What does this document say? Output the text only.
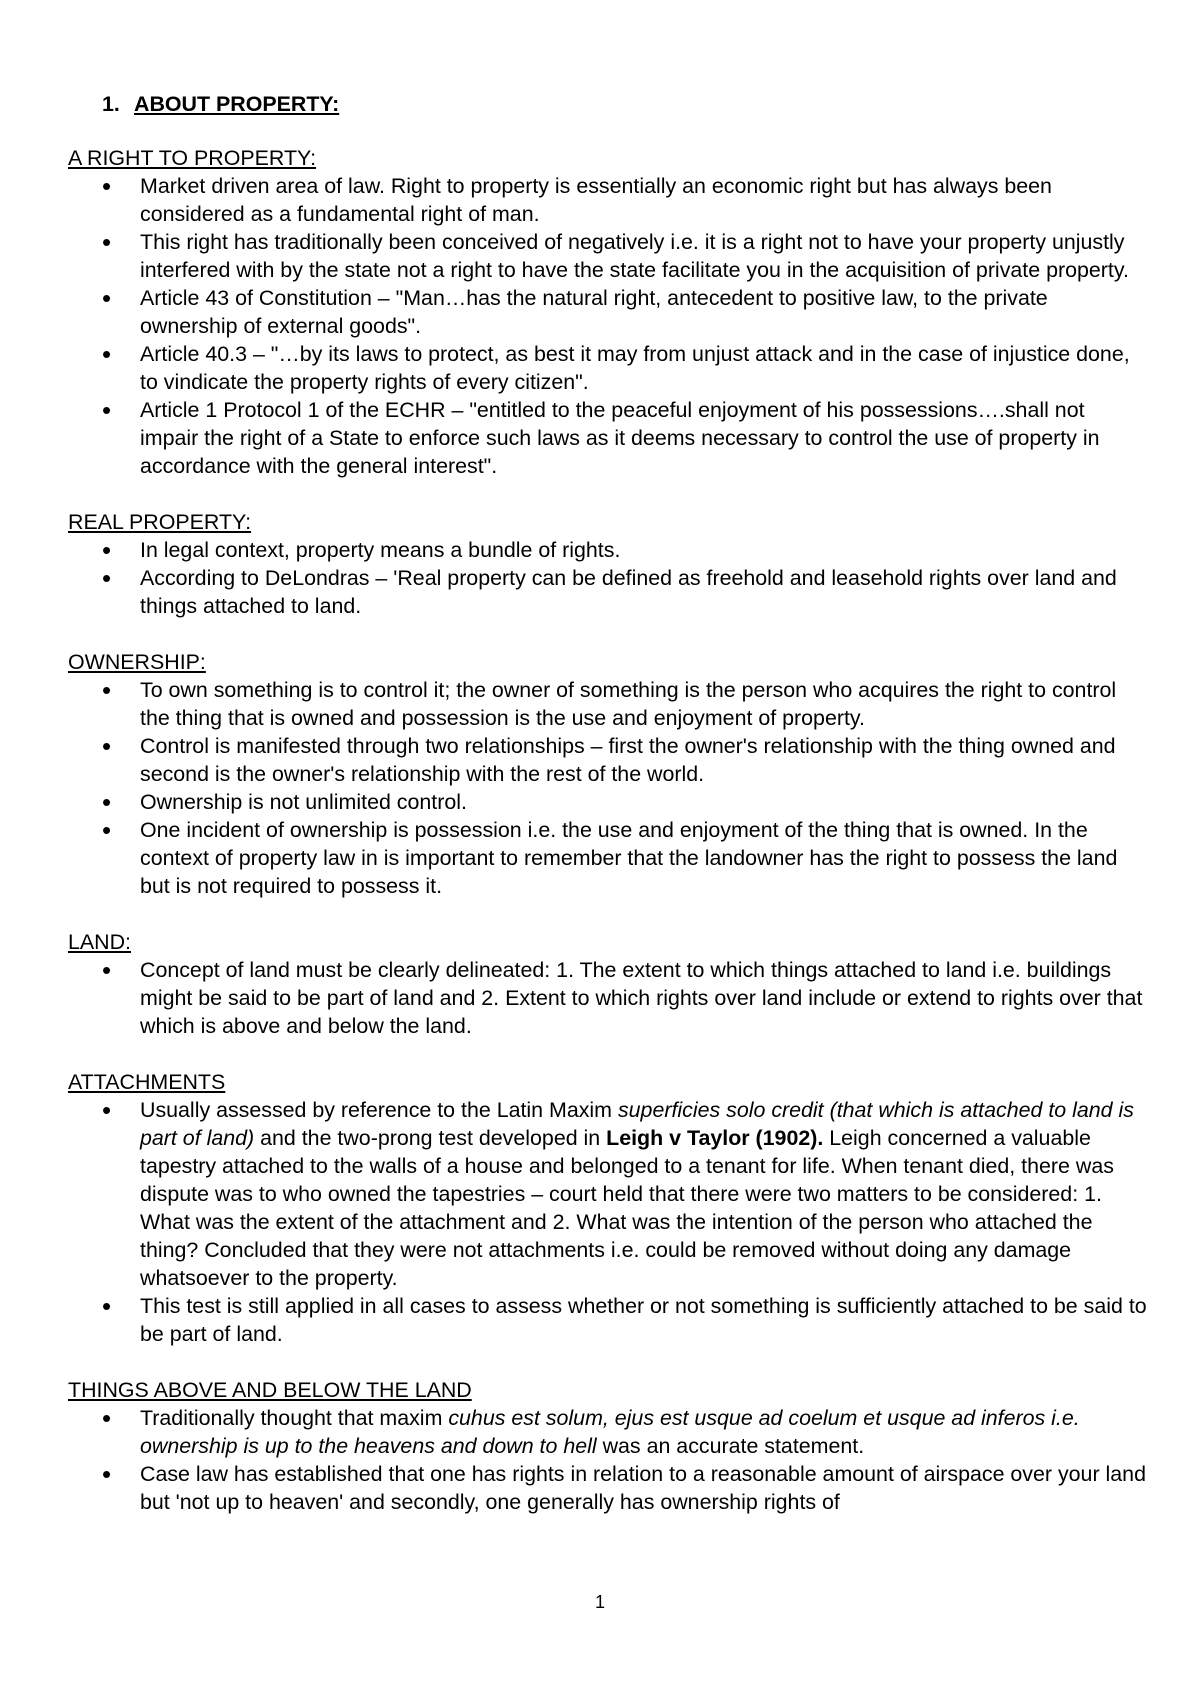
1. ABOUT PROPERTY:
A RIGHT TO PROPERTY:
• Market driven area of law. Right to property is essentially an economic right but has always been considered as a fundamental right of man.
• This right has traditionally been conceived of negatively i.e. it is a right not to have your property unjustly interfered with by the state not a right to have the state facilitate you in the acquisition of private property.
• Article 43 of Constitution – "Man…has the natural right, antecedent to positive law, to the private ownership of external goods".
• Article 40.3 – "…by its laws to protect, as best it may from unjust attack and in the case of injustice done, to vindicate the property rights of every citizen".
• Article 1 Protocol 1 of the ECHR – "entitled to the peaceful enjoyment of his possessions….shall not impair the right of a State to enforce such laws as it deems necessary to control the use of property in accordance with the general interest".
REAL PROPERTY:
• In legal context, property means a bundle of rights.
• According to DeLondras – 'Real property can be defined as freehold and leasehold rights over land and things attached to land.
OWNERSHIP:
• To own something is to control it; the owner of something is the person who acquires the right to control the thing that is owned and possession is the use and enjoyment of property.
• Control is manifested through two relationships – first the owner's relationship with the thing owned and second is the owner's relationship with the rest of the world.
• Ownership is not unlimited control.
• One incident of ownership is possession i.e. the use and enjoyment of the thing that is owned. In the context of property law in is important to remember that the landowner has the right to possess the land but is not required to possess it.
LAND:
• Concept of land must be clearly delineated: 1. The extent to which things attached to land i.e. buildings might be said to be part of land and 2. Extent to which rights over land include or extend to rights over that which is above and below the land.
ATTACHMENTS
• Usually assessed by reference to the Latin Maxim superficies solo credit (that which is attached to land is part of land) and the two-prong test developed in Leigh v Taylor (1902). Leigh concerned a valuable tapestry attached to the walls of a house and belonged to a tenant for life. When tenant died, there was dispute was to who owned the tapestries – court held that there were two matters to be considered: 1. What was the extent of the attachment and 2. What was the intention of the person who attached the thing? Concluded that they were not attachments i.e. could be removed without doing any damage whatsoever to the property.
• This test is still applied in all cases to assess whether or not something is sufficiently attached to be said to be part of land.
THINGS ABOVE AND BELOW THE LAND
• Traditionally thought that maxim cuhus est solum, ejus est usque ad coelum et usque ad inferos i.e. ownership is up to the heavens and down to hell was an accurate statement.
• Case law has established that one has rights in relation to a reasonable amount of airspace over your land but 'not up to heaven' and secondly, one generally has ownership rights of
1
